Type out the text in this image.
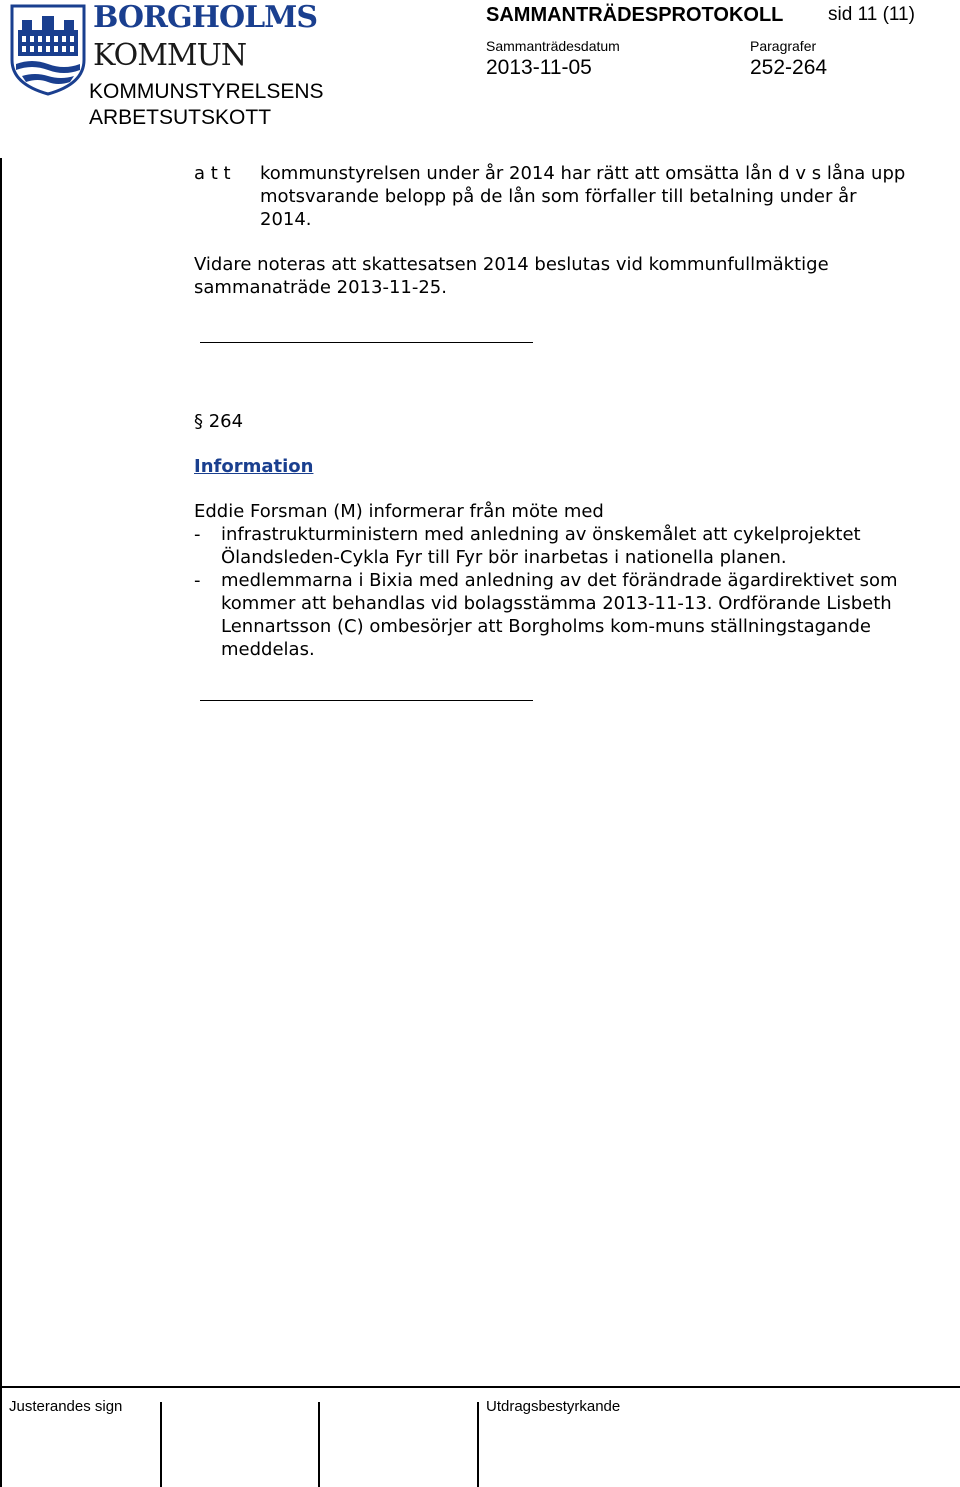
BORGHOLMS
KOMMUN
KOMMUNSTYRELSENS
ARBETSUTSKOTT
SAMMANTRÄDESPROTOKOLL sid 11 (11)
Sammanträdesdatum	Paragrafer
2013-11-05	252-264
a t t kommunstyrelsen under år 2014 har rätt att omsätta lån d v s låna upp motsvarande belopp på de lån som förfaller till betalning under år 2014.
Vidare noteras att skattesatsen 2014 beslutas vid kommunfullmäktige sammanaträde 2013-11-25.
§ 264
Information
Eddie Forsman (M) informerar från möte med
- infrastrukturministern med anledning av önskemålet att cykelprojektet Ölandsleden-Cykla Fyr till Fyr bör inarbetas i nationella planen.
- medlemmarna i Bixia med anledning av det förändrade ägardirektivet som kommer att behandlas vid bolagsstämma 2013-11-13. Ordförande Lisbeth Lennartsson (C) ombesörjer att Borgholms kom-muns ställningstagande meddelas.
Justerandes sign	Utdragsbestyrkande
